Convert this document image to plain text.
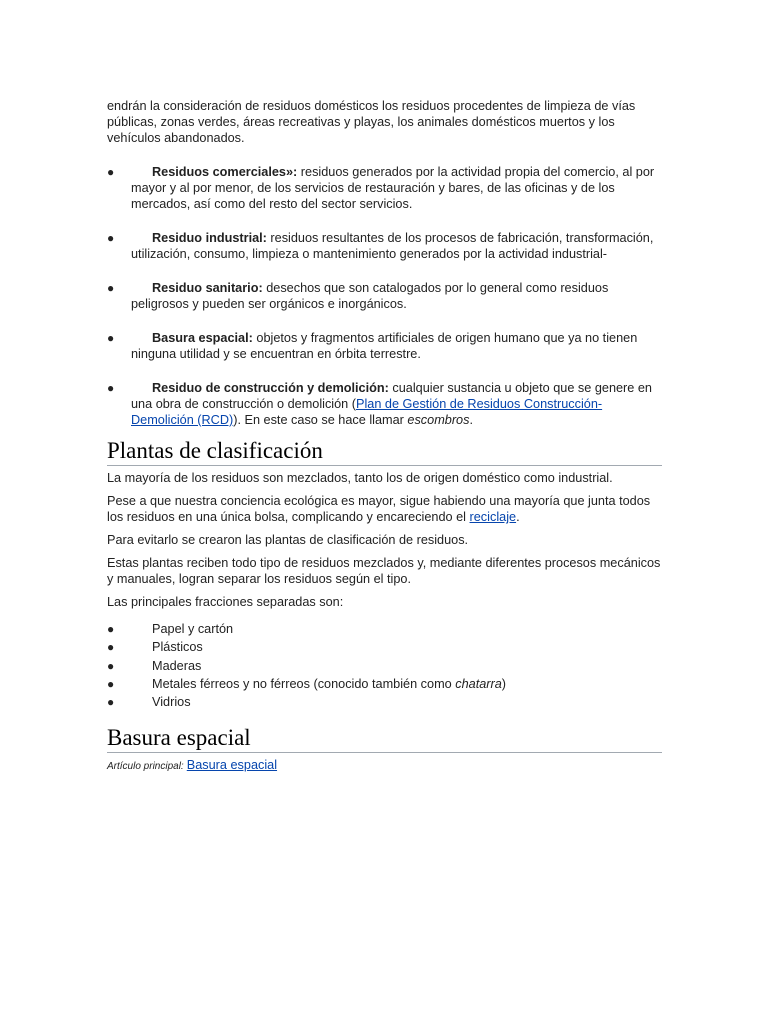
endrán la consideración de residuos domésticos los residuos procedentes de limpieza de vías públicas, zonas verdes, áreas recreativas y playas, los animales domésticos muertos y los vehículos abandonados.

●	Residuos comerciales»: residuos generados por la actividad propia del comercio, al por mayor y al por menor, de los servicios de restauración y bares, de las oficinas y de los mercados, así como del resto del sector servicios.
●	Residuo industrial: residuos resultantes de los procesos de fabricación, transformación, utilización, consumo, limpieza o mantenimiento generados por la actividad industrial-
●	Residuo sanitario: desechos que son catalogados por lo general como residuos peligrosos y pueden ser orgánicos e inorgánicos.
●	Basura espacial: objetos y fragmentos artificiales de origen humano que ya no tienen ninguna utilidad y se encuentran en órbita terrestre.
●	Residuo de construcción y demolición: cualquier sustancia u objeto que se genere en una obra de construcción o demolición (Plan de Gestión de Residuos Construcción-Demolición (RCD)). En este caso se hace llamar escombros.
Plantas de clasificación

La mayoría de los residuos son mezclados, tanto los de origen doméstico como industrial.

Pese a que nuestra conciencia ecológica es mayor, sigue habiendo una mayoría que junta todos los residuos en una única bolsa, complicando y encareciendo el reciclaje.

Para evitarlo se crearon las plantas de clasificación de residuos.

Estas plantas reciben todo tipo de residuos mezclados y, mediante diferentes procesos mecánicos y manuales, logran separar los residuos según el tipo.

Las principales fracciones separadas son:

●	Papel y cartón
●	Plásticos
●	Maderas
●	Metales férreos y no férreos (conocido también como chatarra)
●	Vidrios
Basura espacial

Artículo principal: Basura espacial
